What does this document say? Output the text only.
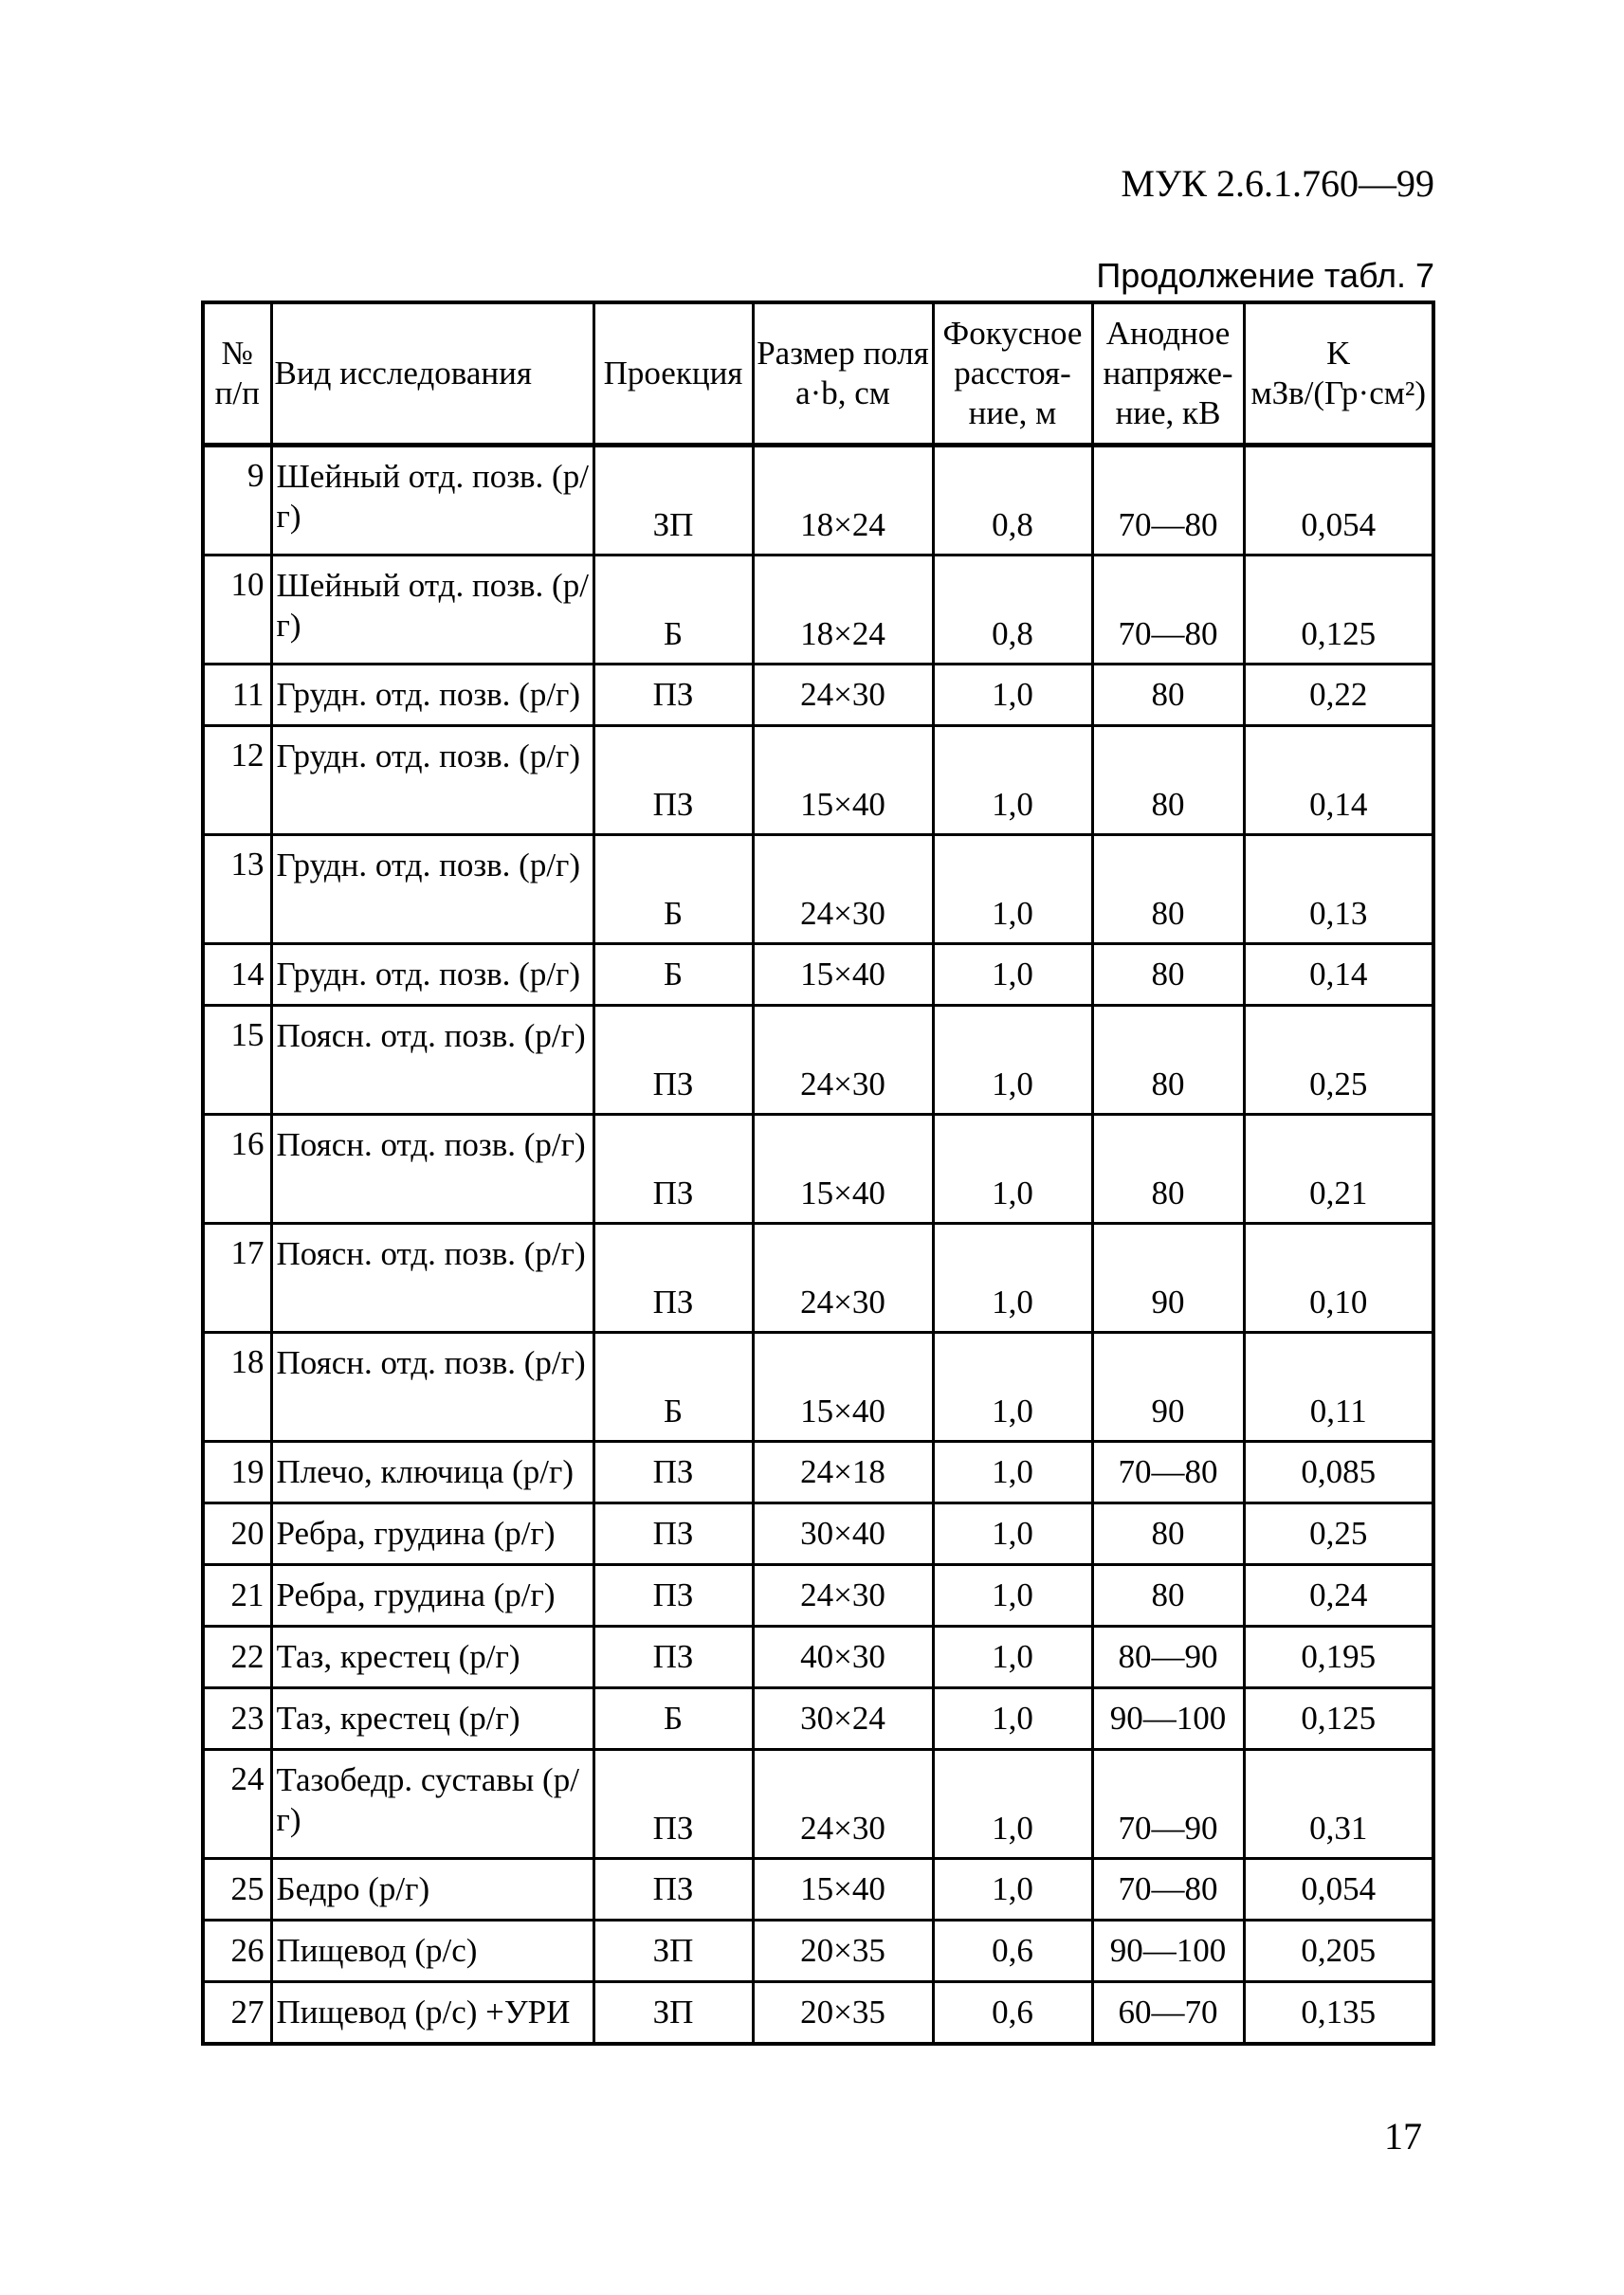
МУК 2.6.1.760—99
Продолжение табл. 7
№ п/п	Вид исследования	Проекция	Размер поля a·b, см	Фокусное расстоя-ние, м	Анодное напряже-ние, кВ	K мЗв/(Гр·см²)
9	Шейный отд. позв. (р/г)	ЗП	18×24	0,8	70—80	0,054
10	Шейный отд. позв. (р/г)	Б	18×24	0,8	70—80	0,125
11	Грудн. отд. позв. (р/г)	ПЗ	24×30	1,0	80	0,22
12	Грудн. отд. позв. (р/г)	ПЗ	15×40	1,0	80	0,14
13	Грудн. отд. позв. (р/г)	Б	24×30	1,0	80	0,13
14	Грудн. отд. позв. (р/г)	Б	15×40	1,0	80	0,14
15	Поясн. отд. позв. (р/г)	ПЗ	24×30	1,0	80	0,25
16	Поясн. отд. позв. (р/г)	ПЗ	15×40	1,0	80	0,21
17	Поясн. отд. позв. (р/г)	ПЗ	24×30	1,0	90	0,10
18	Поясн. отд. позв. (р/г)	Б	15×40	1,0	90	0,11
19	Плечо, ключица (р/г)	ПЗ	24×18	1,0	70—80	0,085
20	Ребра, грудина (р/г)	ПЗ	30×40	1,0	80	0,25
21	Ребра, грудина (р/г)	ПЗ	24×30	1,0	80	0,24
22	Таз, крестец (р/г)	ПЗ	40×30	1,0	80—90	0,195
23	Таз, крестец (р/г)	Б	30×24	1,0	90—100	0,125
24	Тазобедр. суставы (р/г)	ПЗ	24×30	1,0	70—90	0,31
25	Бедро (р/г)	ПЗ	15×40	1,0	70—80	0,054
26	Пищевод (р/с)	ЗП	20×35	0,6	90—100	0,205
27	Пищевод (р/с) +УРИ	ЗП	20×35	0,6	60—70	0,135
17
